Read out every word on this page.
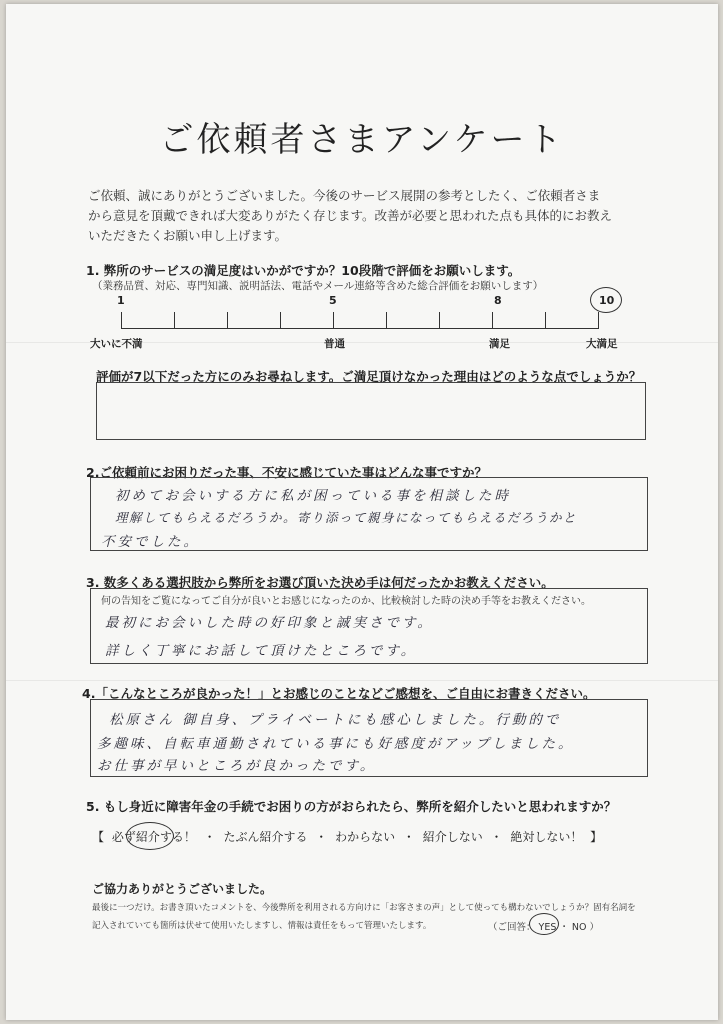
ご依頼者さまアンケート
ご依頼、誠にありがとうございました。今後のサービス展開の参考としたく、ご依頼者さま
から意見を頂戴できれば大変ありがたく存じます。改善が必要と思われた点も具体的にお教え
いただきたくお願い申し上げます。
1. 弊所のサービスの満足度はいかがですか？10段階で評価をお願いします。
（業務品質、対応、専門知識、説明話法、電話やメール連絡等含めた総合評価をお願いします）
1	5	8	10
大いに不満	普通	満足	大満足
評価が7以下だった方にのみお尋ねします。ご満足頂けなかった理由はどのような点でしょうか？
2.ご依頼前にお困りだった事、不安に感じていた事はどんな事ですか？
初めてお会いする方に私が困っている事を相談した時
理解してもらえるだろうか。寄り添って親身になってもらえるだろうかと
不安でした。
3. 数多くある選択肢から弊所をお選び頂いた決め手は何だったかお教えください。
何の告知をご覧になってご自分が良いとお感じになったのか、比較検討した時の決め手等をお教えください。
最初にお会いした時の好印象と誠実さです。
詳しく丁寧にお話して頂けたところです。
4.「こんなところが良かった！」とお感じのことなどご感想を、ご自由にお書きください。
松原さん 御自身、プライベートにも感心しました。行動的で
多趣味、自転車通勤されている事にも好感度がアップしました。
お仕事が早いところが良かったです。
5. もし身近に障害年金の手続でお困りの方がおられたら、弊所を紹介したいと思われますか？
【 必ず紹介する！ ・ たぶん紹介する ・ わからない ・ 紹介しない ・ 絶対しない！ 】
ご協力ありがとうございました。
最後に一つだけ。お書き頂いたコメントを、今後弊所を利用される方向けに「お客さまの声」として使っても構わないでしょうか？固有名詞を
記入されていても箇所は伏せて使用いたしますし、情報は責任をもって管理いたします。	（ご回答： YES ・ NO ）
